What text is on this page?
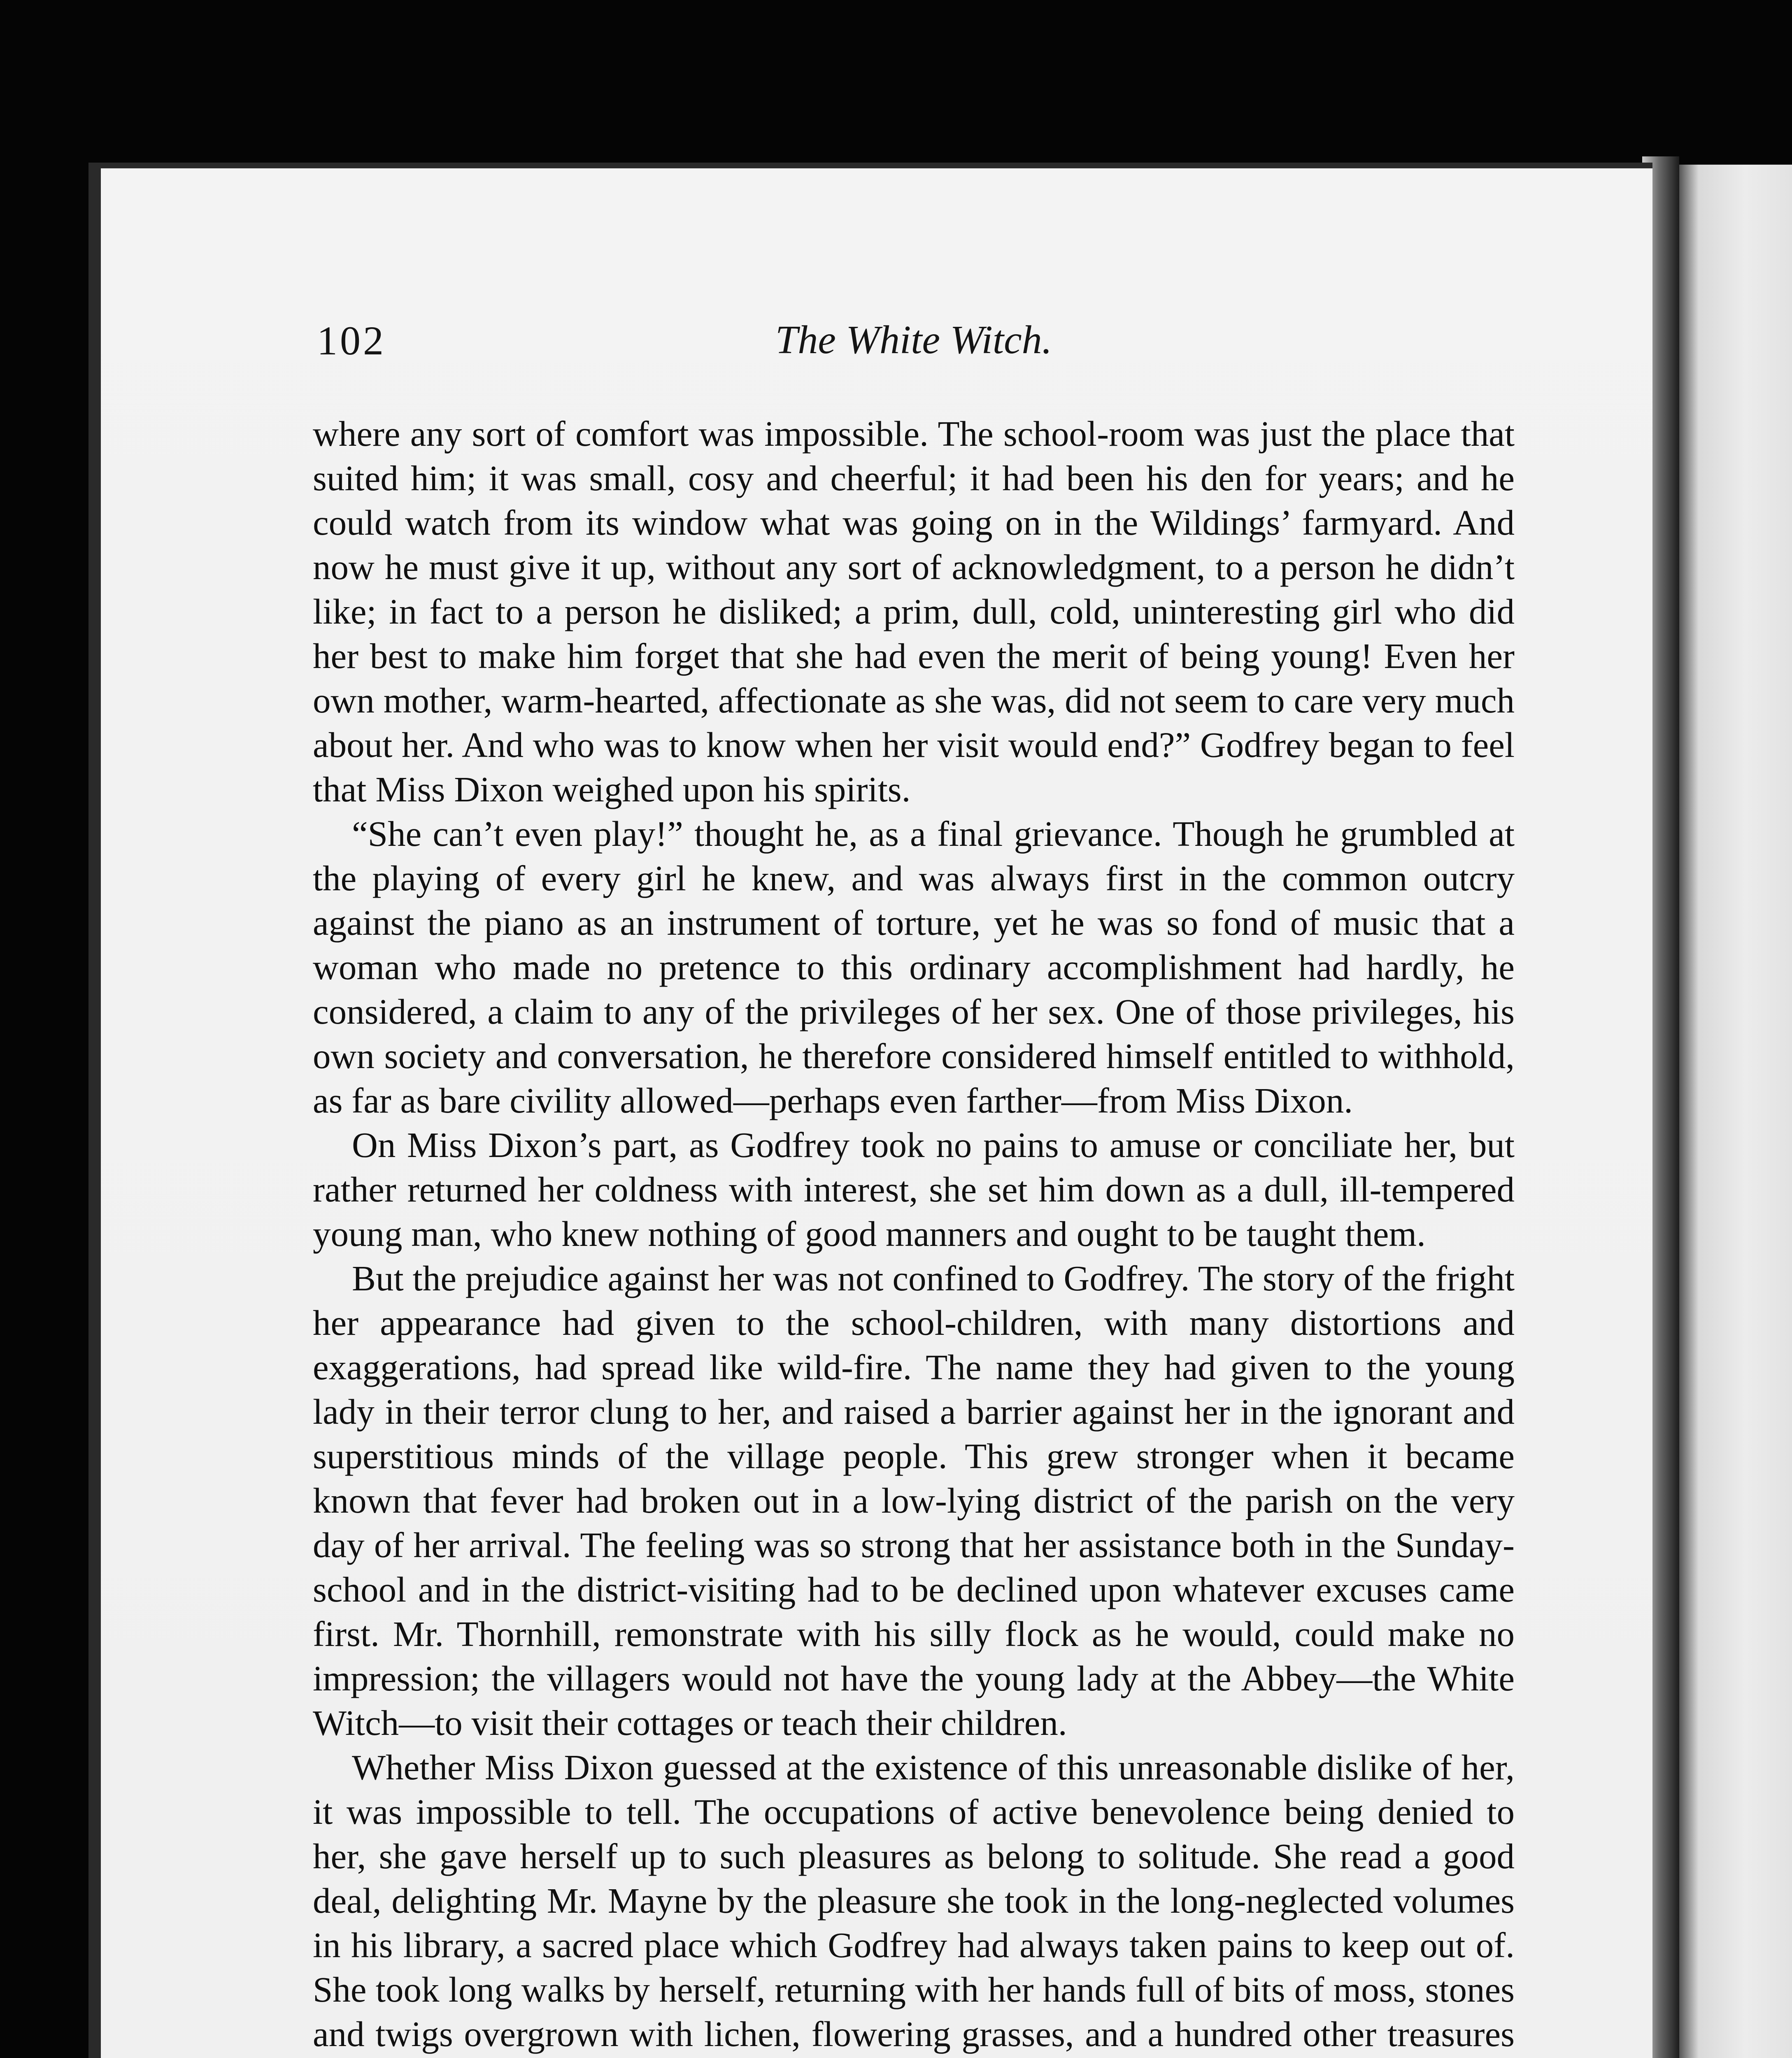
102	The White Witch.

where any sort of comfort was impossible. The school-room was just the place that suited him; it was small, cosy and cheerful; it had been his den for years; and he could watch from its window what was going on in the Wildings’ farmyard. And now he must give it up, without any sort of acknowledgment, to a person he didn’t like; in fact to a person he disliked; a prim, dull, cold, uninteresting girl who did her best to make him forget that she had even the merit of being young! Even her own mother, warm-hearted, affectionate as she was, did not seem to care very much about her. And who was to know when her visit would end?” Godfrey began to feel that Miss Dixon weighed upon his spirits.

“She can’t even play!” thought he, as a final grievance. Though he grumbled at the playing of every girl he knew, and was always first in the common outcry against the piano as an instrument of torture, yet he was so fond of music that a woman who made no pretence to this ordinary accomplishment had hardly, he considered, a claim to any of the privileges of her sex. One of those privileges, his own society and conversation, he therefore considered himself entitled to withhold, as far as bare civility allowed—perhaps even farther—from Miss Dixon.

On Miss Dixon’s part, as Godfrey took no pains to amuse or conciliate her, but rather returned her coldness with interest, she set him down as a dull, ill-tempered young man, who knew nothing of good manners and ought to be taught them.

But the prejudice against her was not confined to Godfrey. The story of the fright her appearance had given to the school-children, with many distortions and exaggerations, had spread like wild-fire. The name they had given to the young lady in their terror clung to her, and raised a barrier against her in the ignorant and superstitious minds of the village people. This grew stronger when it became known that fever had broken out in a low-lying district of the parish on the very day of her arrival. The feeling was so strong that her assistance both in the Sunday-school and in the district-visiting had to be declined upon whatever excuses came first. Mr. Thornhill, remonstrate with his silly flock as he would, could make no impression; the villagers would not have the young lady at the Abbey—the White Witch—to visit their cottages or teach their children.

Whether Miss Dixon guessed at the existence of this unreasonable dislike of her, it was impossible to tell. The occupations of active benevolence being denied to her, she gave herself up to such pleasures as belong to solitude. She read a good deal, delighting Mr. Mayne by the pleasure she took in the long-neglected volumes in his library, a sacred place which Godfrey had always taken pains to keep out of. She took long walks by herself, returning with her hands full of bits of moss, stones and twigs overgrown with lichen, flowering grasses, and a hundred other treasures
